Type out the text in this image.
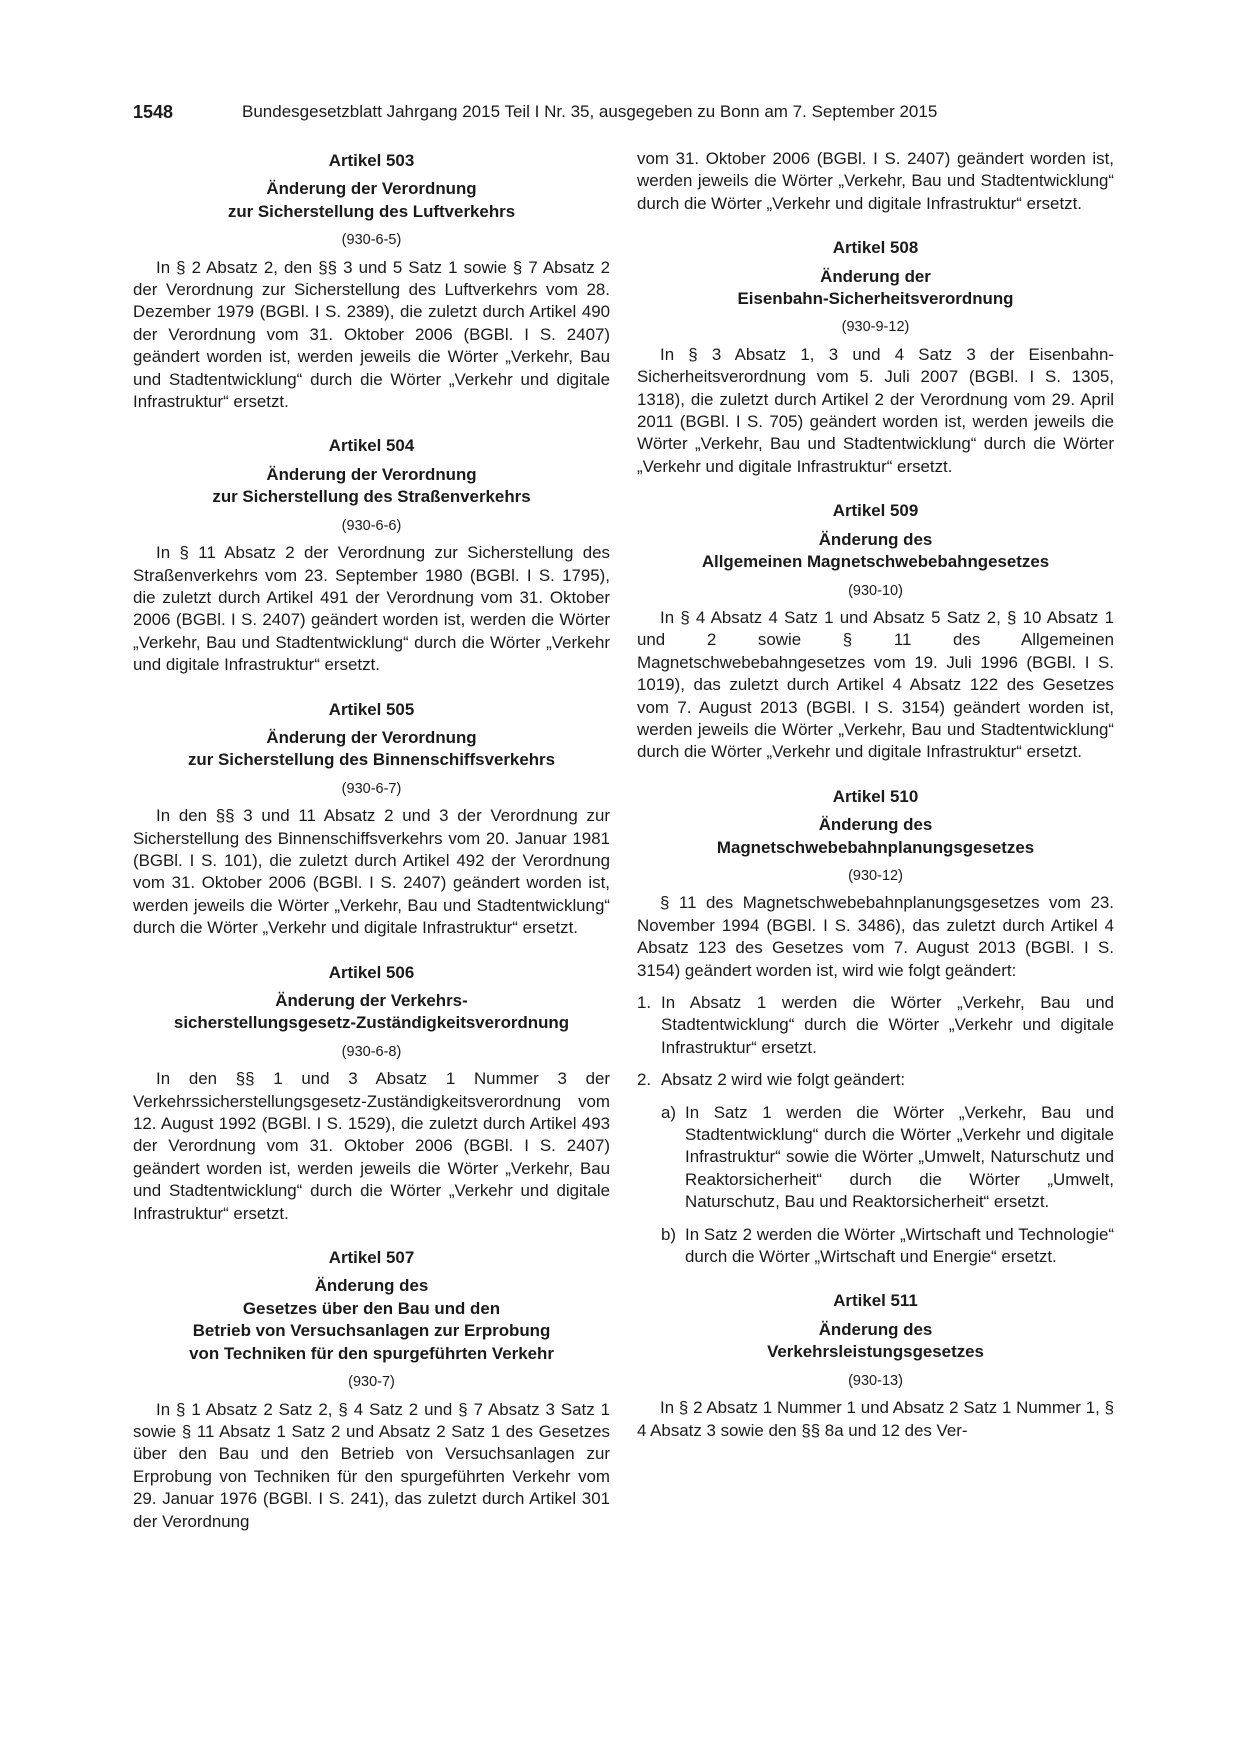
1548	Bundesgesetzblatt Jahrgang 2015 Teil I Nr. 35, ausgegeben zu Bonn am 7. September 2015
Artikel 503
Änderung der Verordnung
zur Sicherstellung des Luftverkehrs
(930-6-5)

In § 2 Absatz 2, den §§ 3 und 5 Satz 1 sowie § 7 Absatz 2 der Verordnung zur Sicherstellung des Luftverkehrs vom 28. Dezember 1979 (BGBl. I S. 2389), die zuletzt durch Artikel 490 der Verordnung vom 31. Oktober 2006 (BGBl. I S. 2407) geändert worden ist, werden jeweils die Wörter „Verkehr, Bau und Stadtentwicklung“ durch die Wörter „Verkehr und digitale Infrastruktur“ ersetzt.

Artikel 504
Änderung der Verordnung
zur Sicherstellung des Straßenverkehrs
(930-6-6)

In § 11 Absatz 2 der Verordnung zur Sicherstellung des Straßenverkehrs vom 23. September 1980 (BGBl. I S. 1795), die zuletzt durch Artikel 491 der Verordnung vom 31. Oktober 2006 (BGBl. I S. 2407) geändert worden ist, werden die Wörter „Verkehr, Bau und Stadtentwicklung“ durch die Wörter „Verkehr und digitale Infrastruktur“ ersetzt.

Artikel 505
Änderung der Verordnung
zur Sicherstellung des Binnenschiffsverkehrs
(930-6-7)

In den §§ 3 und 11 Absatz 2 und 3 der Verordnung zur Sicherstellung des Binnenschiffsverkehrs vom 20. Januar 1981 (BGBl. I S. 101), die zuletzt durch Artikel 492 der Verordnung vom 31. Oktober 2006 (BGBl. I S. 2407) geändert worden ist, werden jeweils die Wörter „Verkehr, Bau und Stadtentwicklung“ durch die Wörter „Verkehr und digitale Infrastruktur“ ersetzt.

Artikel 506
Änderung der Verkehrs-
sicherstellungsgesetz-Zuständigkeitsverordnung
(930-6-8)

In den §§ 1 und 3 Absatz 1 Nummer 3 der Verkehrssicherstellungsgesetz-Zuständigkeitsverordnung vom 12. August 1992 (BGBl. I S. 1529), die zuletzt durch Artikel 493 der Verordnung vom 31. Oktober 2006 (BGBl. I S. 2407) geändert worden ist, werden jeweils die Wörter „Verkehr, Bau und Stadtentwicklung“ durch die Wörter „Verkehr und digitale Infrastruktur“ ersetzt.

Artikel 507
Änderung des
Gesetzes über den Bau und den
Betrieb von Versuchsanlagen zur Erprobung
von Techniken für den spurgeführten Verkehr
(930-7)

In § 1 Absatz 2 Satz 2, § 4 Satz 2 und § 7 Absatz 3 Satz 1 sowie § 11 Absatz 1 Satz 2 und Absatz 2 Satz 1 des Gesetzes über den Bau und den Betrieb von Versuchsanlagen zur Erprobung von Techniken für den spurgeführten Verkehr vom 29. Januar 1976 (BGBl. I S. 241), das zuletzt durch Artikel 301 der Verordnung

vom 31. Oktober 2006 (BGBl. I S. 2407) geändert worden ist, werden jeweils die Wörter „Verkehr, Bau und Stadtentwicklung“ durch die Wörter „Verkehr und digitale Infrastruktur“ ersetzt.

Artikel 508
Änderung der
Eisenbahn-Sicherheitsverordnung
(930-9-12)

In § 3 Absatz 1, 3 und 4 Satz 3 der Eisenbahn-Sicherheitsverordnung vom 5. Juli 2007 (BGBl. I S. 1305, 1318), die zuletzt durch Artikel 2 der Verordnung vom 29. April 2011 (BGBl. I S. 705) geändert worden ist, werden jeweils die Wörter „Verkehr, Bau und Stadtentwicklung“ durch die Wörter „Verkehr und digitale Infrastruktur“ ersetzt.

Artikel 509
Änderung des
Allgemeinen Magnetschwebebahngesetzes
(930-10)

In § 4 Absatz 4 Satz 1 und Absatz 5 Satz 2, § 10 Absatz 1 und 2 sowie § 11 des Allgemeinen Magnetschwebebahngesetzes vom 19. Juli 1996 (BGBl. I S. 1019), das zuletzt durch Artikel 4 Absatz 122 des Gesetzes vom 7. August 2013 (BGBl. I S. 3154) geändert worden ist, werden jeweils die Wörter „Verkehr, Bau und Stadtentwicklung“ durch die Wörter „Verkehr und digitale Infrastruktur“ ersetzt.

Artikel 510
Änderung des
Magnetschwebebahnplanungsgesetzes
(930-12)

§ 11 des Magnetschwebebahnplanungsgesetzes vom 23. November 1994 (BGBl. I S. 3486), das zuletzt durch Artikel 4 Absatz 123 des Gesetzes vom 7. August 2013 (BGBl. I S. 3154) geändert worden ist, wird wie folgt geändert:

1. In Absatz 1 werden die Wörter „Verkehr, Bau und Stadtentwicklung“ durch die Wörter „Verkehr und digitale Infrastruktur“ ersetzt.
2. Absatz 2 wird wie folgt geändert:
a) In Satz 1 werden die Wörter „Verkehr, Bau und Stadtentwicklung“ durch die Wörter „Verkehr und digitale Infrastruktur“ sowie die Wörter „Umwelt, Naturschutz und Reaktorsicherheit“ durch die Wörter „Umwelt, Naturschutz, Bau und Reaktorsicherheit“ ersetzt.
b) In Satz 2 werden die Wörter „Wirtschaft und Technologie“ durch die Wörter „Wirtschaft und Energie“ ersetzt.
Artikel 511
Änderung des
Verkehrsleistungsgesetzes
(930-13)

In § 2 Absatz 1 Nummer 1 und Absatz 2 Satz 1 Nummer 1, § 4 Absatz 3 sowie den §§ 8a und 12 des Ver-
